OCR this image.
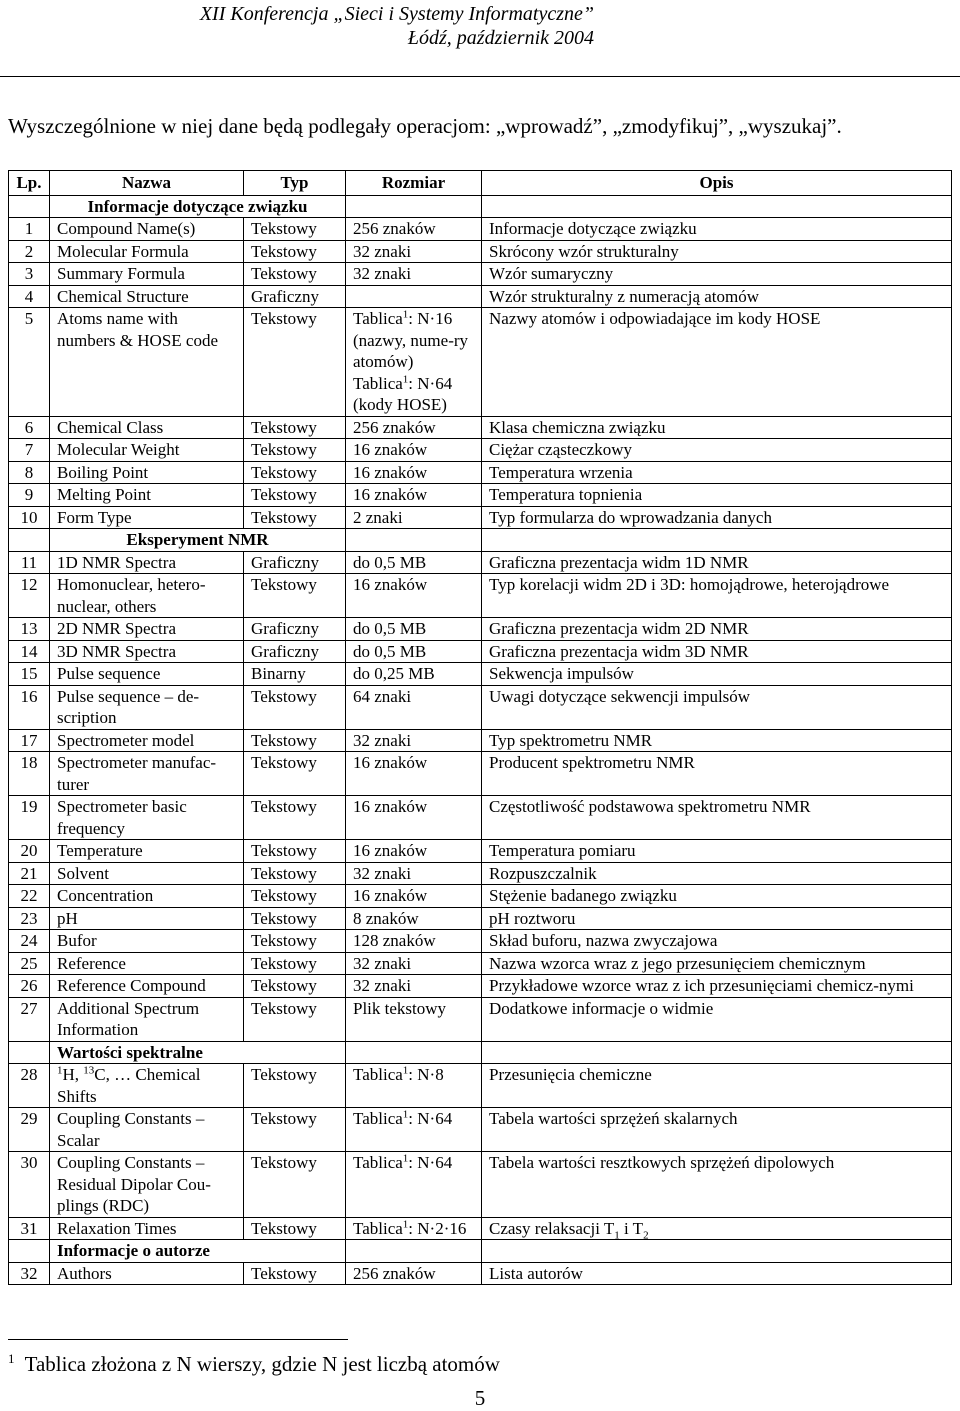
XII Konferencja „Sieci i Systemy Informatyczne”
Łódź, październik 2004
Wyszczególnione w niej dane będą podlegały operacjom: „wprowadź”, „zmodyfikuj”, „wyszukaj”.
Lp.	Nazwa	Typ	Rozmiar	Opis
	Informacje dotyczące związku			
1	Compound Name(s)	Tekstowy	256 znaków	Informacje dotyczące związku
2	Molecular Formula	Tekstowy	32 znaki	Skrócony wzór strukturalny
3	Summary Formula	Tekstowy	32 znaki	Wzór sumaryczny
4	Chemical Structure	Graficzny		Wzór strukturalny z numeracją atomów
5	Atoms name with numbers & HOSE code	Tekstowy	Tablica$^1$: N·16 (nazwy, nume-ry atomów) Tablica$^1$: N·64 (kody HOSE)	Nazwy atomów i odpowiadające im kody HOSE
6	Chemical Class	Tekstowy	256 znaków	Klasa chemiczna związku
7	Molecular Weight	Tekstowy	16 znaków	Ciężar cząsteczkowy
8	Boiling Point	Tekstowy	16 znaków	Temperatura wrzenia
9	Melting Point	Tekstowy	16 znaków	Temperatura topnienia
10	Form Type	Tekstowy	2 znaki	Typ formularza do wprowadzania danych
	Eksperyment NMR			
11	1D NMR Spectra	Graficzny	do 0,5 MB	Graficzna prezentacja widm 1D NMR
12	Homonuclear, hetero-nuclear, others	Tekstowy	16 znaków	Typ korelacji widm 2D i 3D: homojądrowe, heterojądrowe
13	2D NMR Spectra	Graficzny	do 0,5 MB	Graficzna prezentacja widm 2D NMR
14	3D NMR Spectra	Graficzny	do 0,5 MB	Graficzna prezentacja widm 3D NMR
15	Pulse sequence	Binarny	do 0,25 MB	Sekwencja impulsów
16	Pulse sequence – de-scription	Tekstowy	64 znaki	Uwagi dotyczące sekwencji impulsów
17	Spectrometer model	Tekstowy	32 znaki	Typ spektrometru NMR
18	Spectrometer manufac-turer	Tekstowy	16 znaków	Producent spektrometru NMR
19	Spectrometer basic frequency	Tekstowy	16 znaków	Częstotliwość podstawowa spektrometru NMR
20	Temperature	Tekstowy	16 znaków	Temperatura pomiaru
21	Solvent	Tekstowy	32 znaki	Rozpuszczalnik
22	Concentration	Tekstowy	16 znaków	Stężenie badanego związku
23	pH	Tekstowy	8 znaków	pH roztworu
24	Bufor	Tekstowy	128 znaków	Skład buforu, nazwa zwyczajowa
25	Reference	Tekstowy	32 znaki	Nazwa wzorca wraz z jego przesunięciem chemicznym
26	Reference Compound	Tekstowy	32 znaki	Przykładowe wzorce wraz z ich przesunięciami chemicz-nymi
27	Additional Spectrum Information	Tekstowy	Plik tekstowy	Dodatkowe informacje o widmie
	Wartości spektralne			
28	$^1$H, $^{13}$C, … Chemical Shifts	Tekstowy	Tablica$^1$: N·8	Przesunięcia chemiczne
29	Coupling Constants – Scalar	Tekstowy	Tablica$^1$: N·64	Tabela wartości sprzężeń skalarnych
30	Coupling Constants – Residual Dipolar Cou-plings (RDC)	Tekstowy	Tablica$^1$: N·64	Tabela wartości resztkowych sprzężeń dipolowych
31	Relaxation Times	Tekstowy	Tablica$^1$: N·2·16	Czasy relaksacji $T_1$ i $T_2$
	Informacje o autorze			
32	Authors	Tekstowy	256 znaków	Lista autorów
$^1$ Tablica złożona z N wierszy, gdzie N jest liczbą atomów
5
